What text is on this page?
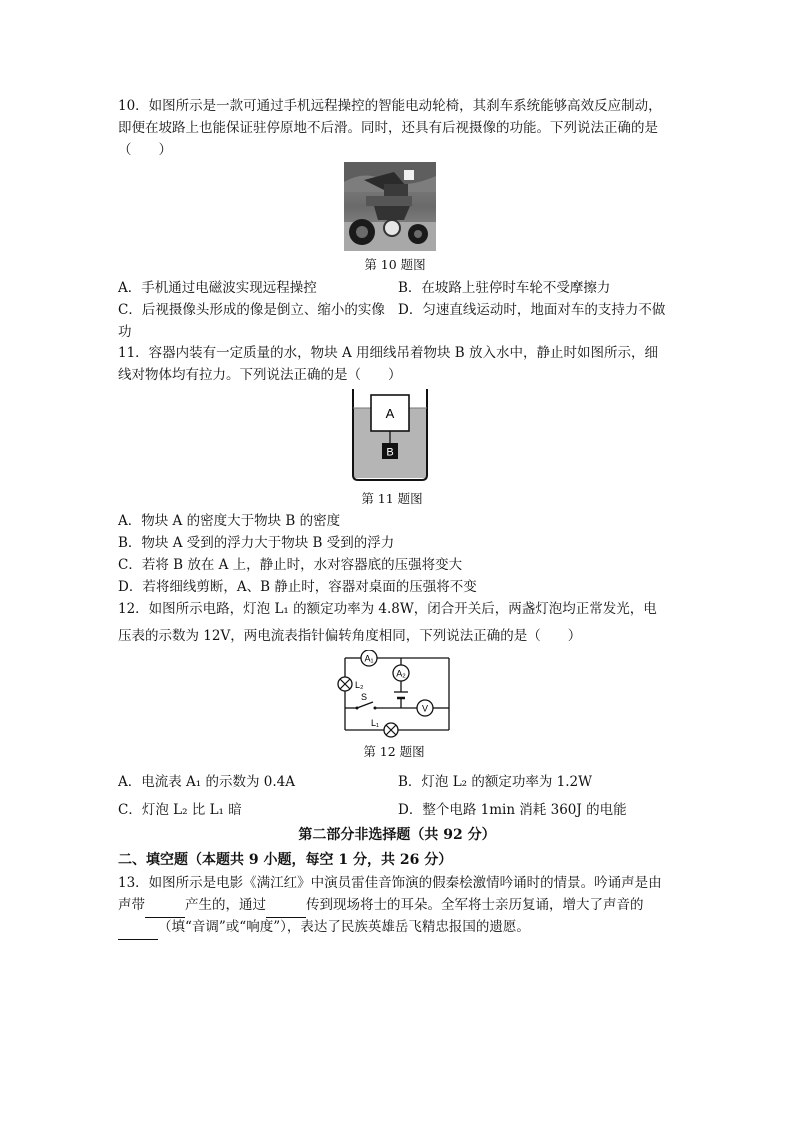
10．如图所示是一款可通过手机远程操控的智能电动轮椅，其刹车系统能够高效反应制动，
即便在坡路上也能保证驻停原地不后滑。同时，还具有后视摄像的功能。下列说法正确的是
（　　）
第 10 题图
A．手机通过电磁波实现远程操控	B．在坡路上驻停时车轮不受摩擦力
C．后视摄像头形成的像是倒立、缩小的实像 D．匀速直线运动时，地面对车的支持力不做
功
11．容器内装有一定质量的水，物块 A 用细线吊着物块 B 放入水中，静止时如图所示，细
线对物体均有拉力。下列说法正确的是（　　）
A
B
第 11 题图
A．物块 A 的密度大于物块 B 的密度
B．物块 A 受到的浮力大于物块 B 受到的浮力
C．若将 B 放在 A 上，静止时，水对容器底的压强将变大
D．若将细线剪断，A、B 静止时，容器对桌面的压强将不变
12．如图所示电路，灯泡 L₁ 的额定功率为 4.8W，闭合开关后，两盏灯泡均正常发光，电
压表的示数为 12V，两电流表指针偏转角度相同，下列说法正确的是（　　）
A₁
A₂
L₂
S
V
L₁
第 12 题图
A．电流表 A₁ 的示数为 0.4A	B．灯泡 L₂ 的额定功率为 1.2W
C．灯泡 L₂ 比 L₁ 暗	D．整个电路 1min 消耗 360J 的电能
第二部分非选择题（共 92 分）
二、填空题（本题共 9 小题，每空 1 分，共 26 分）
13．如图所示是电影《满江红》中演员雷佳音饰演的假秦桧激情吟诵时的情景。吟诵声是由
声带	产生的，通过	传到现场将士的耳朵。全军将士亲历复诵，增大了声音的
（填“音调”或“响度”），表达了民族英雄岳飞精忠报国的遗愿。
